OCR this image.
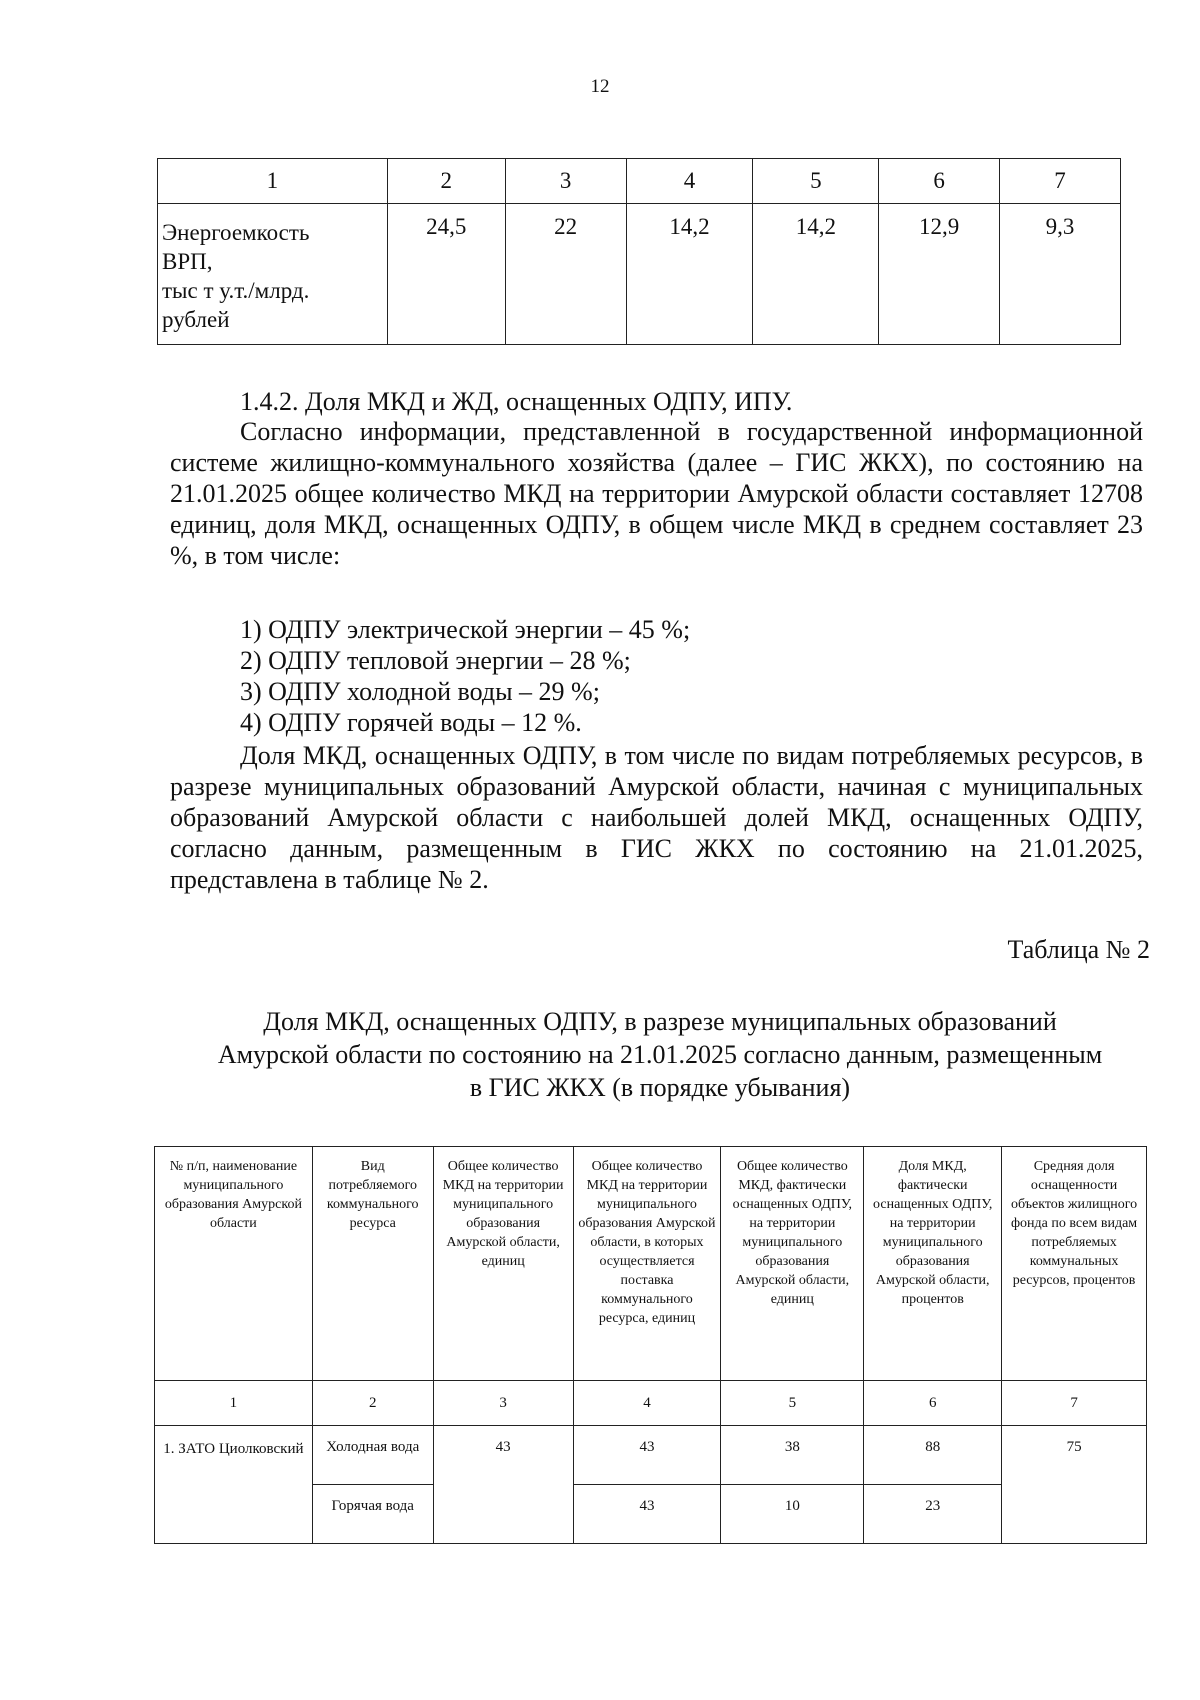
12
1	2	3	4	5	6	7

Энергоемкость
ВРП,
тыс т у.т./млрд.
рублей	24,5	22	14,2	14,2	12,9	9,3
1.4.2. Доля МКД и ЖД, оснащенных ОДПУ, ИПУ.
Согласно информации, представленной в государственной информационной системе жилищно-коммунального хозяйства (далее – ГИС ЖКХ), по состоянию на 21.01.2025 общее количество МКД на территории Амурской области составляет 12708 единиц, доля МКД, оснащенных ОДПУ, в общем числе МКД в среднем составляет 23 %, в том числе:
1) ОДПУ электрической энергии – 45 %;
2) ОДПУ тепловой энергии – 28 %;
3) ОДПУ холодной воды – 29 %;
4) ОДПУ горячей воды – 12 %.
Доля МКД, оснащенных ОДПУ, в том числе по видам потребляемых ресурсов, в разрезе муниципальных образований Амурской области, начиная с муниципальных образований Амурской области с наибольшей долей МКД, оснащенных ОДПУ, согласно данным, размещенным в ГИС ЖКХ по состоянию на 21.01.2025, представлена в таблице № 2.
Таблица № 2
Доля МКД, оснащенных ОДПУ, в разрезе муниципальных образований
Амурской области по состоянию на 21.01.2025 согласно данным, размещенным
в ГИС ЖКХ (в порядке убывания)
№ п/п, наименование муниципального образования Амурской области	Вид потребляемого коммунального ресурса	Общее количество МКД на территории муниципального образования Амурской области, единиц	Общее количество МКД на территории муниципального образования Амурской области, в которых осуществляется поставка коммунального ресурса, единиц	Общее количество МКД, фактически оснащенных ОДПУ, на территории муниципального образования Амурской области, единиц	Доля МКД, фактически оснащенных ОДПУ, на территории муниципального образования Амурской области, процентов	Средняя доля оснащенности объектов жилищного фонда по всем видам потребляемых коммунальных ресурсов, процентов
1	2	3	4	5	6	7
1. ЗАТО Циолковский	Холодная вода	43	43	38	88	75
	Горячая вода		43	10	23	
